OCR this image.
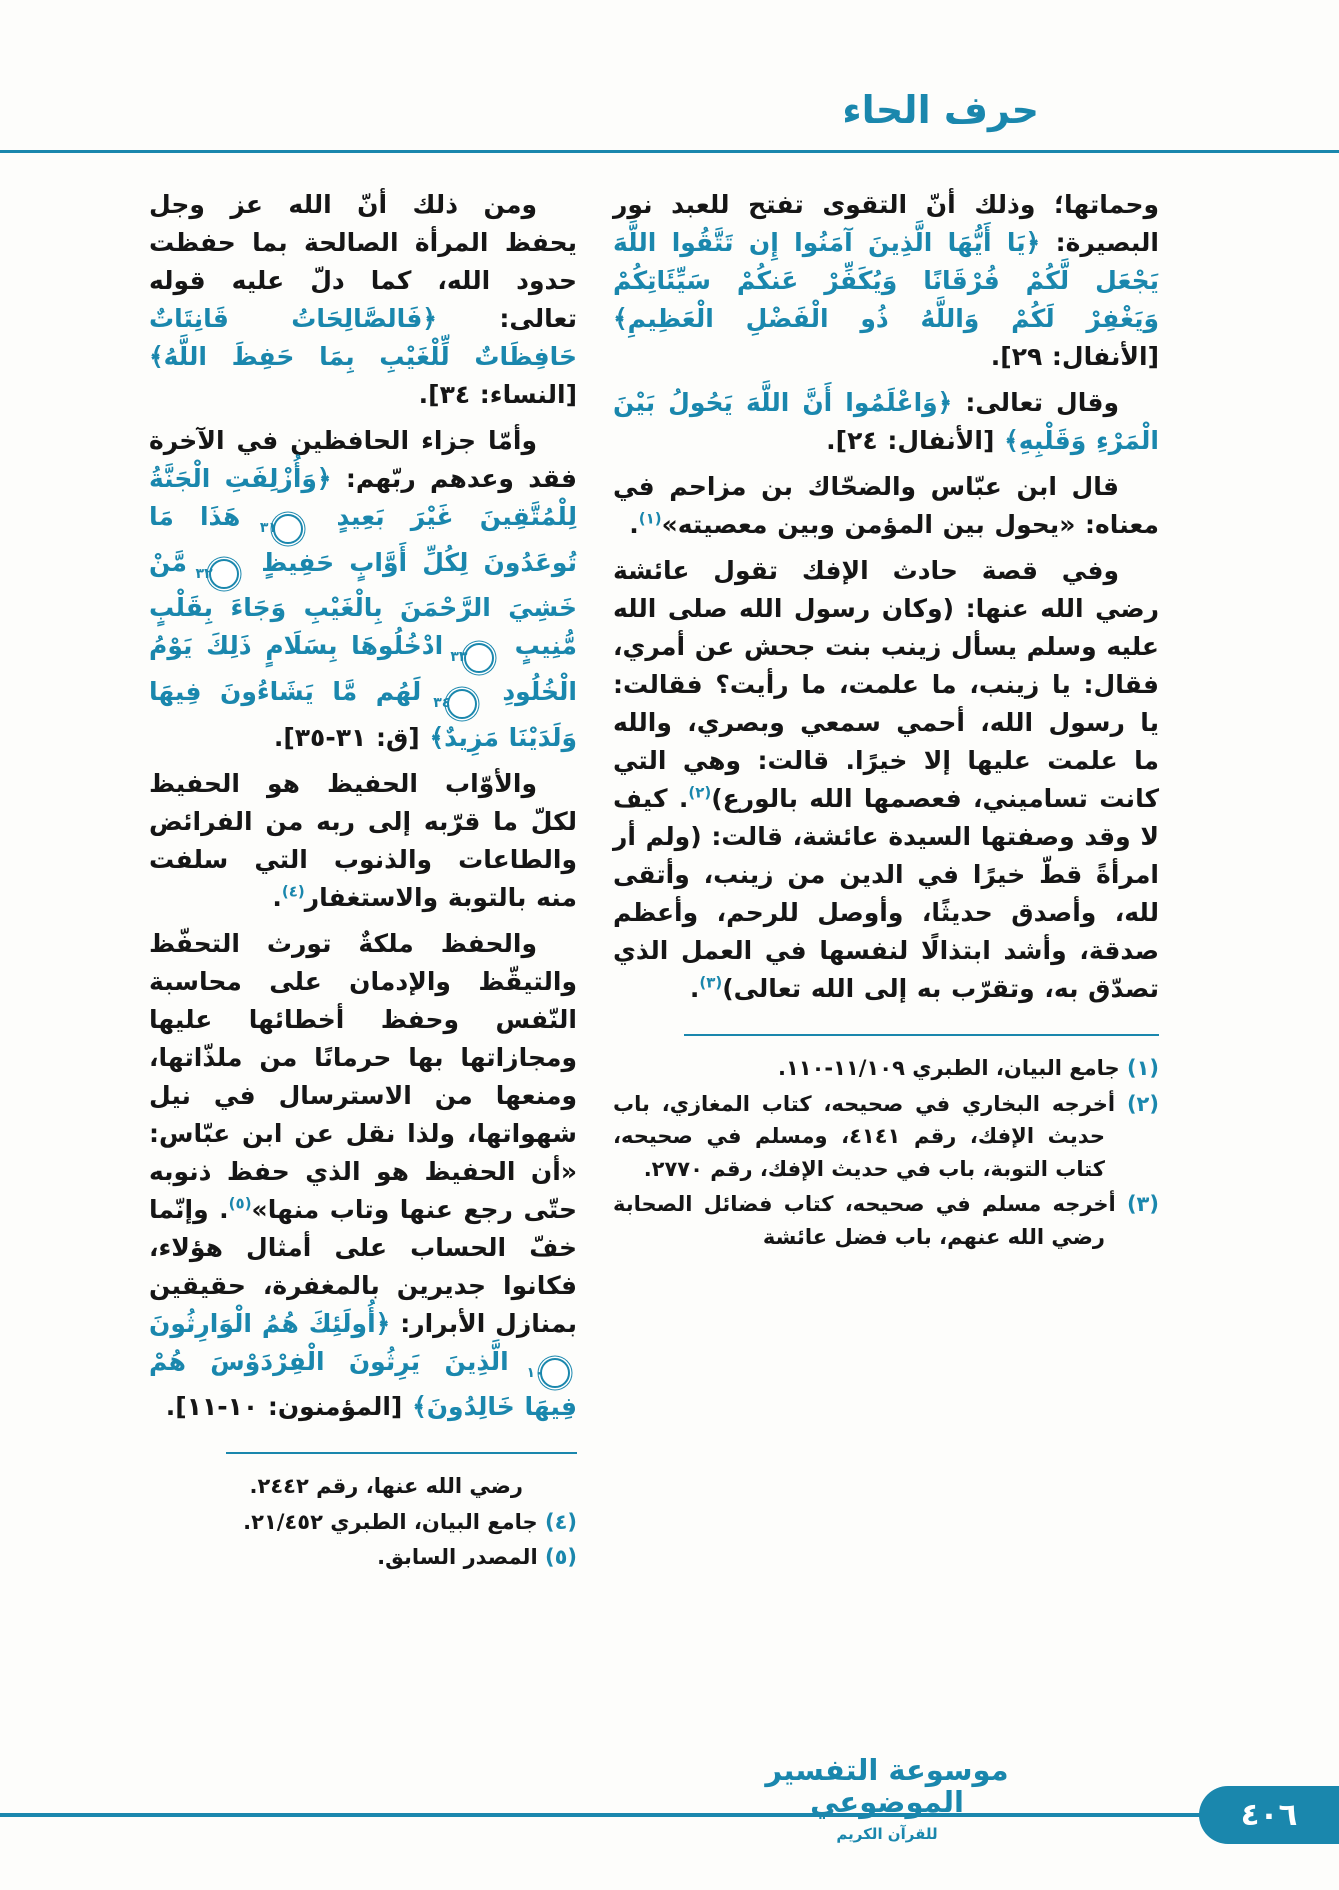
حرف الحاء

وحماتها؛ وذلك أنّ التقوى تفتح للعبد نور البصيرة: ﴿يَا أَيُّهَا الَّذِينَ آمَنُوا إِن تَتَّقُوا اللَّهَ يَجْعَل لَّكُمْ فُرْقَانًا وَيُكَفِّرْ عَنكُمْ سَيِّئَاتِكُمْ وَيَغْفِرْ لَكُمْ وَاللَّهُ ذُو الْفَضْلِ الْعَظِيمِ﴾ [الأنفال: ٢٩].

وقال تعالى: ﴿وَاعْلَمُوا أَنَّ اللَّهَ يَحُولُ بَيْنَ الْمَرْءِ وَقَلْبِهِ﴾ [الأنفال: ٢٤].

قال ابن عبّاس والضحّاك بن مزاحم في معناه: «يحول بين المؤمن وبين معصيته»$^{(١)}$.

وفي قصة حادث الإفك تقول عائشة رضي الله عنها: (وكان رسول الله صلى الله عليه وسلم يسأل زينب بنت جحش عن أمري، فقال: يا زينب، ما علمت، ما رأيت؟ فقالت: يا رسول الله، أحمي سمعي وبصري، والله ما علمت عليها إلا خيرًا. قالت: وهي التي كانت تساميني، فعصمها الله بالورع)$^{(٢)}$. كيف لا وقد وصفتها السيدة عائشة، قالت: (ولم أر امرأةً قطّ خيرًا في الدين من زينب، وأتقى لله، وأصدق حديثًا، وأوصل للرحم، وأعظم صدقة، وأشد ابتذالًا لنفسها في العمل الذي تصدّق به، وتقرّب به إلى الله تعالى)$^{(٣)}$.

(١) جامع البيان، الطبري ١١/١٠٩-١١٠.
(٢) أخرجه البخاري في صحيحه، كتاب المغازي، باب حديث الإفك، رقم ٤١٤١، ومسلم في صحيحه، كتاب التوبة، باب في حديث الإفك، رقم ٢٧٧٠.
(٣) أخرجه مسلم في صحيحه، كتاب فضائل الصحابة رضي الله عنهم، باب فضل عائشة

ومن ذلك أنّ الله عز وجل يحفظ المرأة الصالحة بما حفظت حدود الله، كما دلّ عليه قوله تعالى: ﴿فَالصَّالِحَاتُ قَانِتَاتٌ حَافِظَاتٌ لِّلْغَيْبِ بِمَا حَفِظَ اللَّهُ﴾ [النساء: ٣٤].

وأمّا جزاء الحافظين في الآخرة فقد وعدهم ربّهم: ﴿وَأُزْلِفَتِ الْجَنَّةُ لِلْمُتَّقِينَ غَيْرَ بَعِيدٍ ٣١ هَذَا مَا تُوعَدُونَ لِكُلِّ أَوَّابٍ حَفِيظٍ ٣٢ مَّنْ خَشِيَ الرَّحْمَنَ بِالْغَيْبِ وَجَاءَ بِقَلْبٍ مُّنِيبٍ ٣٣ ادْخُلُوهَا بِسَلَامٍ ذَلِكَ يَوْمُ الْخُلُودِ ٣٤ لَهُم مَّا يَشَاءُونَ فِيهَا وَلَدَيْنَا مَزِيدٌ﴾ [ق: ٣١-٣٥].

والأوّاب الحفيظ هو الحفيظ لكلّ ما قرّبه إلى ربه من الفرائض والطاعات والذنوب التي سلفت منه بالتوبة والاستغفار$^{(٤)}$.

والحفظ ملكةٌ تورث التحفّظ والتيقّظ والإدمان على محاسبة النّفس وحفظ أخطائها عليها ومجازاتها بها حرمانًا من ملذّاتها، ومنعها من الاسترسال في نيل شهواتها، ولذا نقل عن ابن عبّاس: «أن الحفيظ هو الذي حفظ ذنوبه حتّى رجع عنها وتاب منها»$^{(٥)}$. وإنّما خفّ الحساب على أمثال هؤلاء، فكانوا جديرين بالمغفرة، حقيقين بمنازل الأبرار: ﴿أُولَئِكَ هُمُ الْوَارِثُونَ ١٠ الَّذِينَ يَرِثُونَ الْفِرْدَوْسَ هُمْ فِيهَا خَالِدُونَ﴾ [المؤمنون: ١٠-١١].

رضي الله عنها، رقم ٢٤٤٢.
(٤) جامع البيان، الطبري ٢١/٤٥٢.
(٥) المصدر السابق.
موسوعة التفسير الموضوعي
للقرآن الكريم
٤٠٦
